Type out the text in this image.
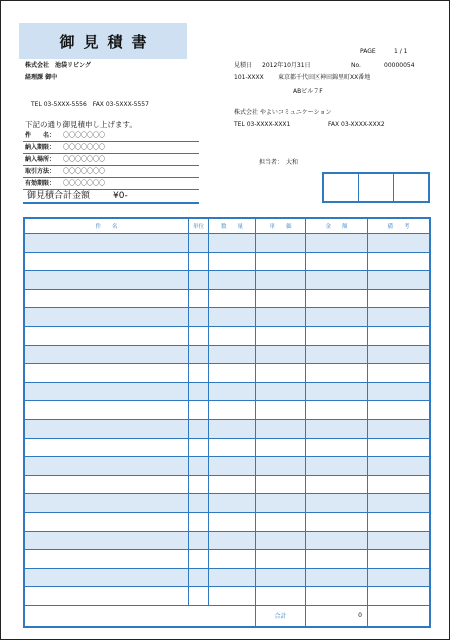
御見積書
PAGE	1 / 1
株式会社　池袋リビング
経理課 御中
TEL 03-5XXX-5556　FAX 03-5XXX-5557
見積日 2012年10月31日	No.	00000054
101-XXXX 東京都千代田区神田錦里町XX番地
ABビル７F
株式会社 やよいコミュニケーション
TEL 03-XXXX-XXX1	FAX 03-XXXX-XXX2
担当者： 大和
下記の通り御見積申し上げます。
件　　名： 〇〇〇〇〇〇〇
納入期限： 〇〇〇〇〇〇〇
納入場所： 〇〇〇〇〇〇〇
取引方法： 〇〇〇〇〇〇〇
有効期限： 〇〇〇〇〇〇〇
御見積合計金額	¥0-
件　　名	単位	数　　量	単　　価	金　　額	備　　考
合計	0
